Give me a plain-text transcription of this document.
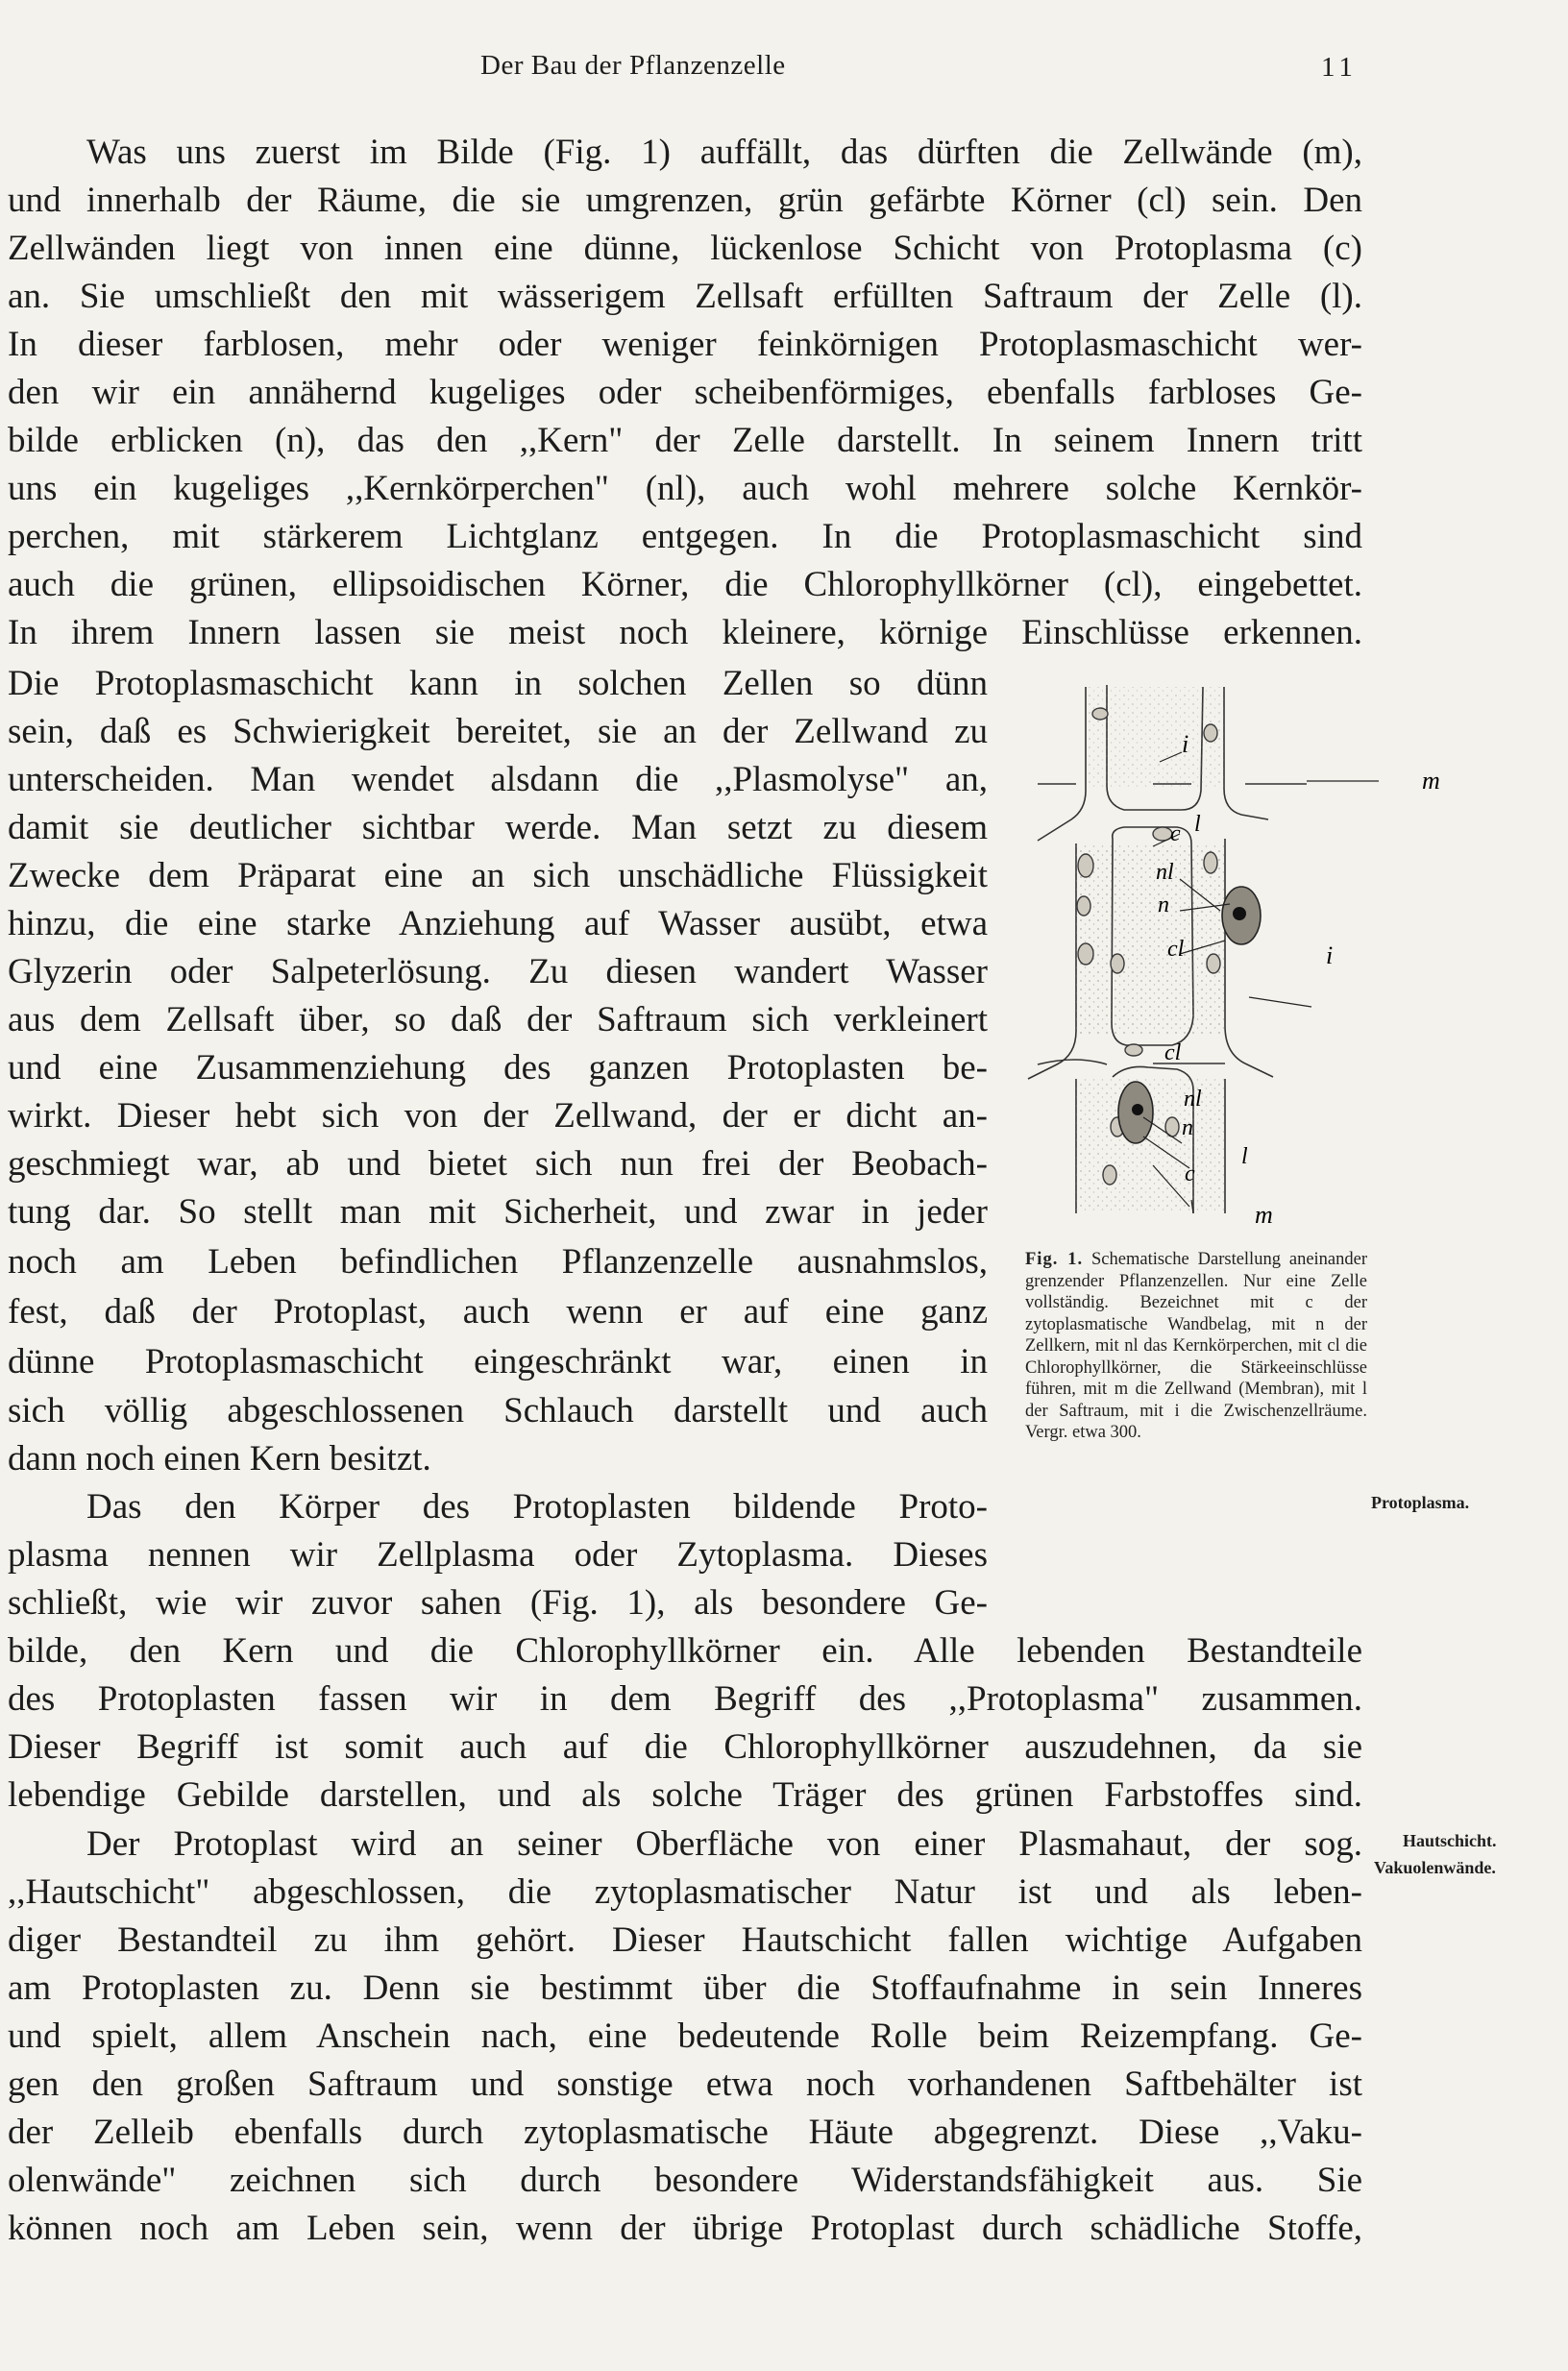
Der Bau der Pflanzenzelle	11
Was uns zuerst im Bilde (Fig. 1) auffällt, das dürften die Zellwände (m),
und innerhalb der Räume, die sie umgrenzen, grün gefärbte Körner (cl) sein. Den
Zellwänden liegt von innen eine dünne, lückenlose Schicht von Protoplasma (c)
an. Sie umschließt den mit wässerigem Zellsaft erfüllten Saftraum der Zelle (l).
In dieser farblosen, mehr oder weniger feinkörnigen Protoplasmaschicht wer-
den wir ein annähernd kugeliges oder scheibenförmiges, ebenfalls farbloses Ge-
bilde erblicken (n), das den ,,Kern" der Zelle darstellt. In seinem Innern tritt
uns ein kugeliges ,,Kernkörperchen" (nl), auch wohl mehrere solche Kernkör-
perchen, mit stärkerem Lichtglanz entgegen. In die Protoplasmaschicht sind
auch die grünen, ellipsoidischen Körner, die Chlorophyllkörner (cl), eingebettet.
In ihrem Innern lassen sie meist noch kleinere, körnige Einschlüsse erkennen.
Die Protoplasmaschicht kann in solchen Zellen so dünn
sein, daß es Schwierigkeit bereitet, sie an der Zellwand zu
unterscheiden. Man wendet alsdann die ,,Plasmolyse" an,
damit sie deutlicher sichtbar werde. Man setzt zu diesem
Zwecke dem Präparat eine an sich unschädliche Flüssigkeit
hinzu, die eine starke Anziehung auf Wasser ausübt, etwa
Glyzerin oder Salpeterlösung. Zu diesen wandert Wasser
aus dem Zellsaft über, so daß der Saftraum sich verkleinert
und eine Zusammenziehung des ganzen Protoplasten be-
wirkt. Dieser hebt sich von der Zellwand, der er dicht an-
geschmiegt war, ab und bietet sich nun frei der Beobach-
tung dar. So stellt man mit Sicherheit, und zwar in jeder
noch am Leben befindlichen Pflanzenzelle ausnahmslos,
fest, daß der Protoplast, auch wenn er auf eine ganz
dünne Protoplasmaschicht eingeschränkt war, einen in
sich völlig abgeschlossenen Schlauch darstellt und auch
dann noch einen Kern besitzt.
Das den Körper des Protoplasten bildende Proto-
plasma nennen wir Zellplasma oder Zytoplasma. Dieses
schließt, wie wir zuvor sahen (Fig. 1), als besondere Ge-
bilde, den Kern und die Chlorophyllkörner ein. Alle lebenden Bestandteile
des Protoplasten fassen wir in dem Begriff des ,,Protoplasma" zusammen.
Dieser Begriff ist somit auch auf die Chlorophyllkörner auszudehnen, da sie
lebendige Gebilde darstellen, und als solche Träger des grünen Farbstoffes sind.
Der Protoplast wird an seiner Oberfläche von einer Plasmahaut, der sog.
,,Hautschicht" abgeschlossen, die zytoplasmatischer Natur ist und als leben-
diger Bestandteil zu ihm gehört. Dieser Hautschicht fallen wichtige Aufgaben
am Protoplasten zu. Denn sie bestimmt über die Stoffaufnahme in sein Inneres
und spielt, allem Anschein nach, eine bedeutende Rolle beim Reizempfang. Ge-
gen den großen Saftraum und sonstige etwa noch vorhandenen Saftbehälter ist
der Zelleib ebenfalls durch zytoplasmatische Häute abgegrenzt. Diese ,,Vaku-
olenwände" zeichnen sich durch besondere Widerstandsfähigkeit aus. Sie
können noch am Leben sein, wenn der übrige Protoplast durch schädliche Stoffe,
i
m
c l
nl
n
cl	i
cl
nl
n
l
c
m
Fig. 1. Schematische Darstellung aneinander grenzender Pflanzenzellen. Nur eine Zelle vollständig. Bezeichnet mit c der zytoplasmatische Wandbelag, mit n der Zellkern, mit nl das Kernkörperchen, mit cl die Chlorophyllkörner, die Stärkeeinschlüsse führen, mit m die Zellwand (Membran), mit l der Saftraum, mit i die Zwischenzellräume. Vergr. etwa 300.
Protoplasma.
Hautschicht.
Vakuolenwände.
